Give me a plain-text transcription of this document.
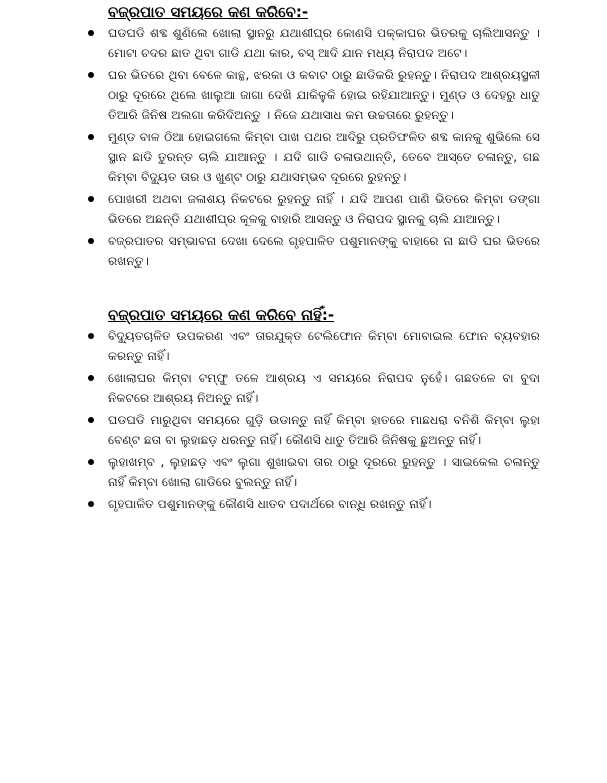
ବଜ୍ରପାତ ସମୟରେ କଣ କରିବେ:-
ଘଡଘଡି ଶବ୍ଦ ଶୁଣିଲେ ଖୋଲା ସ୍ଥାନରୁ ଯଥାଶୀଘ୍ର କୋଣସି ପକ୍କାଘର ଭିତରକୁ ଚାଲିଆସନ୍ତୁ । ମୋଟା ଚଦର ଛାତ ଥିବା ଗାଡି ଯଥା କାର, ବସ୍ ଆଦି ଯାନ ମଧ୍ୟ ନିରାପଦ ଅଟେ।
ଘର ଭିତରେ ଥିବା ବେଳେ କାନ୍ଥ, ଝରକା ଓ କବାଟ ଠାରୁ ଛାଡିକରି ରୁହନ୍ତୁ। ନିରାପଦ ଆଶ୍ରୟସ୍ଥଳୀ ଠାରୁ ଦୂରରେ ଥିଲେ ଖାଲୁଆ ଜାଗା ଦେଖି ଯାକିଳୁକି ହୋଇ ରହିଯାଆନ୍ତୁ। ମୁଣ୍ଡ ଓ ଦେହରୁ ଧାତୁ ତିଆରି ଜିନିଷ ଅଲଗା କରିଦିଅନ୍ତୁ । ନିଜେ ଯଥାସାଧ କମ ଉଚ୍ଚତାରେ ରୁହନ୍ତୁ।
ମୁଣ୍ଡ ବାଳ ଠିଆ ହୋଇଗଲେ କିମ୍ବା ପାଖ ପଥର ଆଦିରୁ ପ୍ରତିଫଳିତ ଶବ୍ଦ କାନକୁ ଶୁଭିଲେ ସେ ସ୍ଥାନ ଛାଡି ତୁରନ୍ତ ଚାଲି ଯାଆନ୍ତୁ । ଯଦି ଗାଡି ଚଳାଉଥାନ୍ତି, ତେବେ ଆସ୍ତେ ଚଳାନ୍ତୁ, ଗଛ କିମ୍ବା ବିଦ୍ୟୁତ ତାର ଓ ଖୁଣ୍ଟ ଠାରୁ ଯଥାସମ୍ଭବ ଦୂରରେ ରୁହନ୍ତୁ।
ପୋଖରୀ ଅଥବା ଜଳାଶୟ ନିକଟରେ ରୁହନ୍ତୁ ନାହିଁ । ଯଦି ଆପଣ ପାଣି ଭିତରେ କିମ୍ବା ଡଙ୍ଗା ଭିତରେ ଅଛନ୍ତି ଯଥାଶୀଘ୍ର କୂଳକୁ ବାହାରି ଆସନ୍ତୁ ଓ ନିରାପଦ ସ୍ଥାନକୁ ଚାଲି ଯାଆନ୍ତୁ।
ବଜ୍ରପାତର ସମ୍ଭାବନା ଦେଖା ଦେଲେ ଗୃହପାଳିତ ପଶୁମାନଙ୍କୁ ବାହାରେ ନା ଛାଡି ଘର ଭିତରେ ରଖନ୍ତୁ।
ବଜ୍ରପାତ ସମୟରେ କଣ କରିବେ ନାହିଁ:-
ବିଦ୍ୟୁତଚାଳିତ ଉପକରଣ ଏବଂ ତାରଯୁକ୍ତ ଟେଲିଫୋନ କିମ୍ବା ମୋବାଇଲ ଫୋନ ବ୍ୟବହାର କରନ୍ତୁ ନାହିଁ।
ଖୋଲାଘର କିମ୍ବା ଟମ୍ଫୁ ତଳେ ଆଶ୍ରୟ ଏ ସମୟରେ ନିରାପଦ ନୁହେଁ। ଗଛତଳେ ବା ବୁଦା ନିକଟରେ ଆଶ୍ରୟ ନିଅନ୍ତୁ ନାହିଁ।
ଘଡଘଡି ମାରୁଥିବା ସମୟରେ ଗୁଡ଼ି ଉଡାନ୍ତୁ ନାହିଁ କିମ୍ବା ହାତରେ ମାଛଧରା ବନିଶି କିମ୍ବା ଲୁହା ବେଣ୍ଟ ଛତା ବା ଲୁହାଛଡ଼ ଧରନ୍ତୁ ନାହିଁ। କୌଣସି ଧାତୁ ତିଆରି ଜିନିଷକୁ ଛୁଅନ୍ତୁ ନାହିଁ।
ଲୁହାଖମ୍ବ , ଲୁହାଛଡ଼ ଏବଂ ଲୁଗା ଶୁଖାଇବା ତାର ଠାରୁ ଦୂରରେ ରୁହନ୍ତୁ । ସାଇକେଲ ଚଳାନ୍ତୁ ନାହିଁ କିମ୍ବା ଖୋଲା ଗାଡିରେ ବୁଲନ୍ତୁ ନାହିଁ।
ଗୃହପାଳିତ ପଶୁମାନଙ୍କୁ କୌଣସି ଧାତବ ପଦାର୍ଥରେ ବାନ୍ଧି ରଖନ୍ତୁ ନାହିଁ।
